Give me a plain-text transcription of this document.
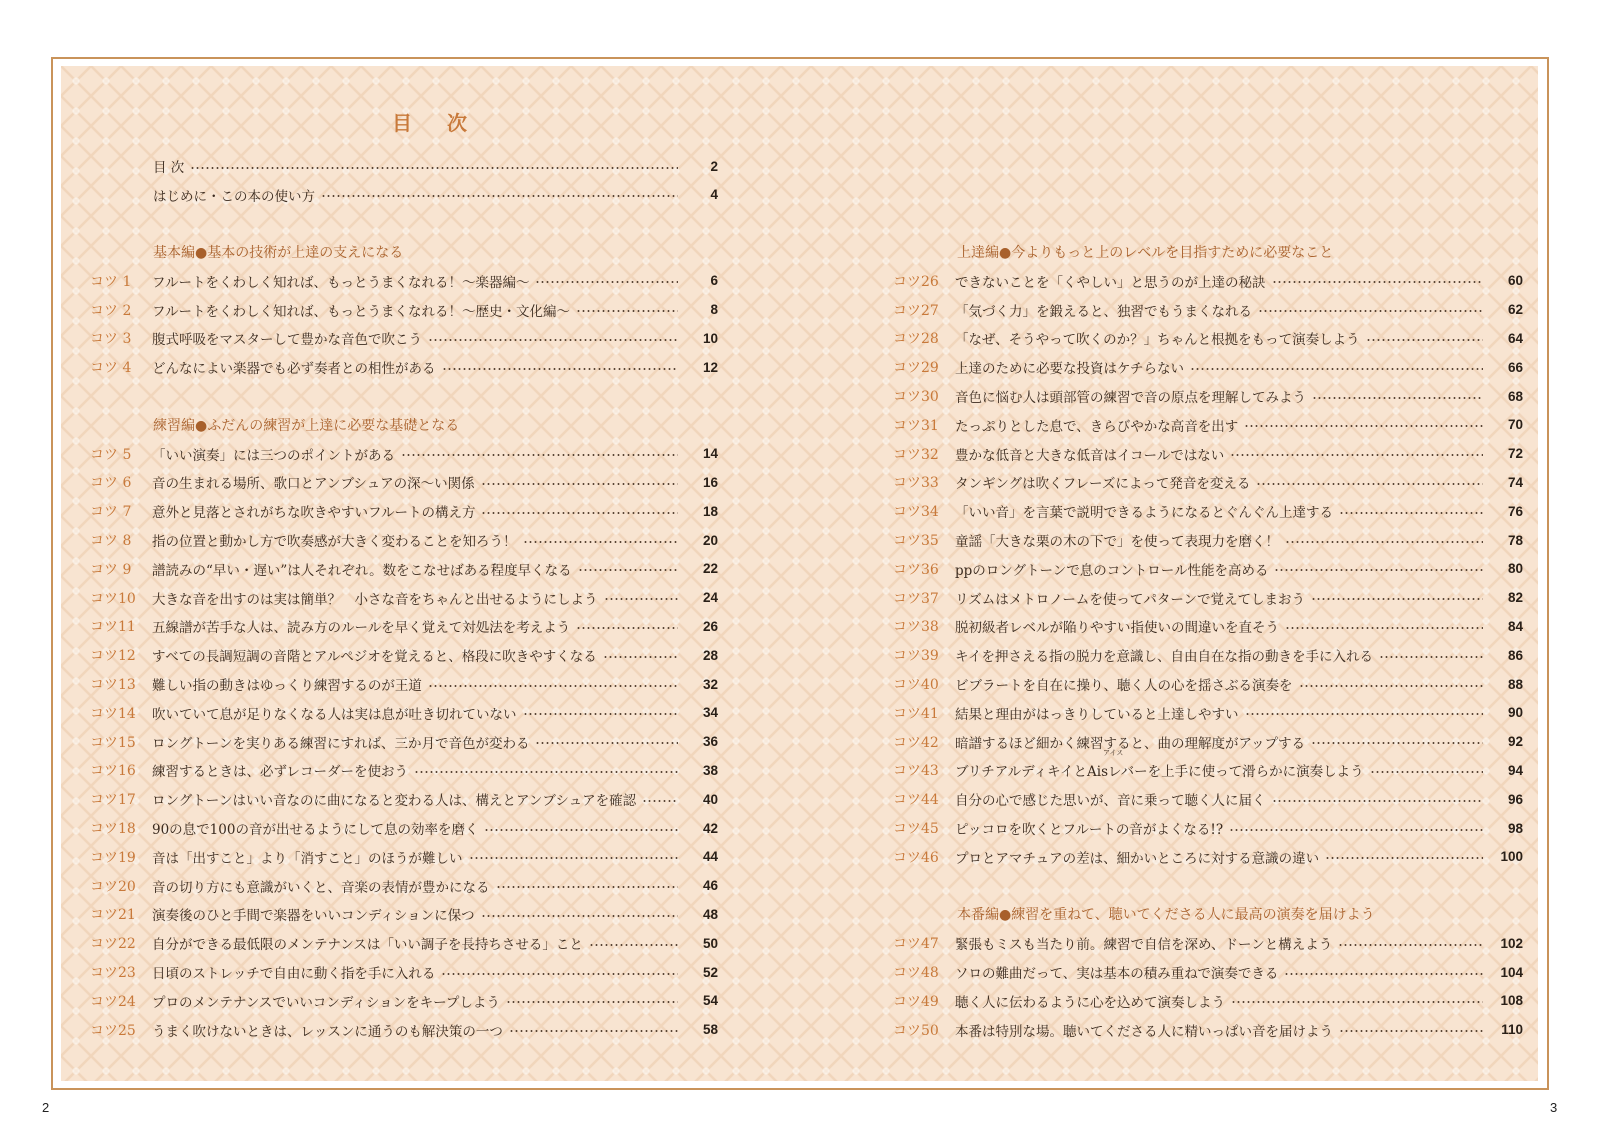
目 次
目 次	2
はじめに・この本の使い方	4
基本編●基本の技術が上達の支えになる
コツ 1	フルートをくわしく知れば、もっとうまくなれる！～楽器編～	6
コツ 2	フルートをくわしく知れば、もっとうまくなれる！～歴史・文化編～	8
コツ 3	腹式呼吸をマスターして豊かな音色で吹こう	10
コツ 4	どんなによい楽器でも必ず奏者との相性がある	12
練習編●ふだんの練習が上達に必要な基礎となる
コツ 5	「いい演奏」には三つのポイントがある	14
コツ 6	音の生まれる場所、歌口とアンブシュアの深～い関係	16
コツ 7	意外と見落とされがちな吹きやすいフルートの構え方	18
コツ 8	指の位置と動かし方で吹奏感が大きく変わることを知ろう！	20
コツ 9	譜読みの“早い・遅い”は人それぞれ。数をこなせばある程度早くなる	22
コツ10	大きな音を出すのは実は簡単？　小さな音をちゃんと出せるようにしよう	24
コツ11	五線譜が苦手な人は、読み方のルールを早く覚えて対処法を考えよう	26
コツ12	すべての長調短調の音階とアルペジオを覚えると、格段に吹きやすくなる	28
コツ13	難しい指の動きはゆっくり練習するのが王道	32
コツ14	吹いていて息が足りなくなる人は実は息が吐き切れていない	34
コツ15	ロングトーンを実りある練習にすれば、三か月で音色が変わる	36
コツ16	練習するときは、必ずレコーダーを使おう	38
コツ17	ロングトーンはいい音なのに曲になると変わる人は、構えとアンブシュアを確認	40
コツ18	90の息で100の音が出せるようにして息の効率を磨く	42
コツ19	音は「出すこと」より「消すこと」のほうが難しい	44
コツ20	音の切り方にも意識がいくと、音楽の表情が豊かになる	46
コツ21	演奏後のひと手間で楽器をいいコンディションに保つ	48
コツ22	自分ができる最低限のメンテナンスは「いい調子を長持ちさせる」こと	50
コツ23	日頃のストレッチで自由に動く指を手に入れる	52
コツ24	プロのメンテナンスでいいコンディションをキープしよう	54
コツ25	うまく吹けないときは、レッスンに通うのも解決策の一つ	58
上達編●今よりもっと上のレベルを目指すために必要なこと
コツ26	できないことを「くやしい」と思うのが上達の秘訣	60
コツ27	「気づく力」を鍛えると、独習でもうまくなれる	62
コツ28	「なぜ、そうやって吹くのか？」ちゃんと根拠をもって演奏しよう	64
コツ29	上達のために必要な投資はケチらない	66
コツ30	音色に悩む人は頭部管の練習で音の原点を理解してみよう	68
コツ31	たっぷりとした息で、きらびやかな高音を出す	70
コツ32	豊かな低音と大きな低音はイコールではない	72
コツ33	タンギングは吹くフレーズによって発音を変える	74
コツ34	「いい音」を言葉で説明できるようになるとぐんぐん上達する	76
コツ35	童謡「大きな栗の木の下で」を使って表現力を磨く！	78
コツ36	ppのロングトーンで息のコントロール性能を高める	80
コツ37	リズムはメトロノームを使ってパターンで覚えてしまおう	82
コツ38	脱初級者レベルが陥りやすい指使いの間違いを直そう	84
コツ39	キイを押さえる指の脱力を意識し、自由自在な指の動きを手に入れる	86
コツ40	ビブラートを自在に操り、聴く人の心を揺さぶる演奏を	88
コツ41	結果と理由がはっきりしていると上達しやすい	90
コツ42	暗譜するほど細かく練習すると、曲の理解度がアップする	92
コツ43	ブリチアルディキイとAisレバーを上手に使って滑らかに演奏しよう	94
アイス
コツ44	自分の心で感じた思いが、音に乗って聴く人に届く	96
コツ45	ピッコロを吹くとフルートの音がよくなる!?	98
コツ46	プロとアマチュアの差は、細かいところに対する意識の違い	100
本番編●練習を重ねて、聴いてくださる人に最高の演奏を届けよう
コツ47	緊張もミスも当たり前。練習で自信を深め、ドーンと構えよう	102
コツ48	ソロの難曲だって、実は基本の積み重ねで演奏できる	104
コツ49	聴く人に伝わるように心を込めて演奏しよう	108
コツ50	本番は特別な場。聴いてくださる人に精いっぱい音を届けよう	110
2	3
